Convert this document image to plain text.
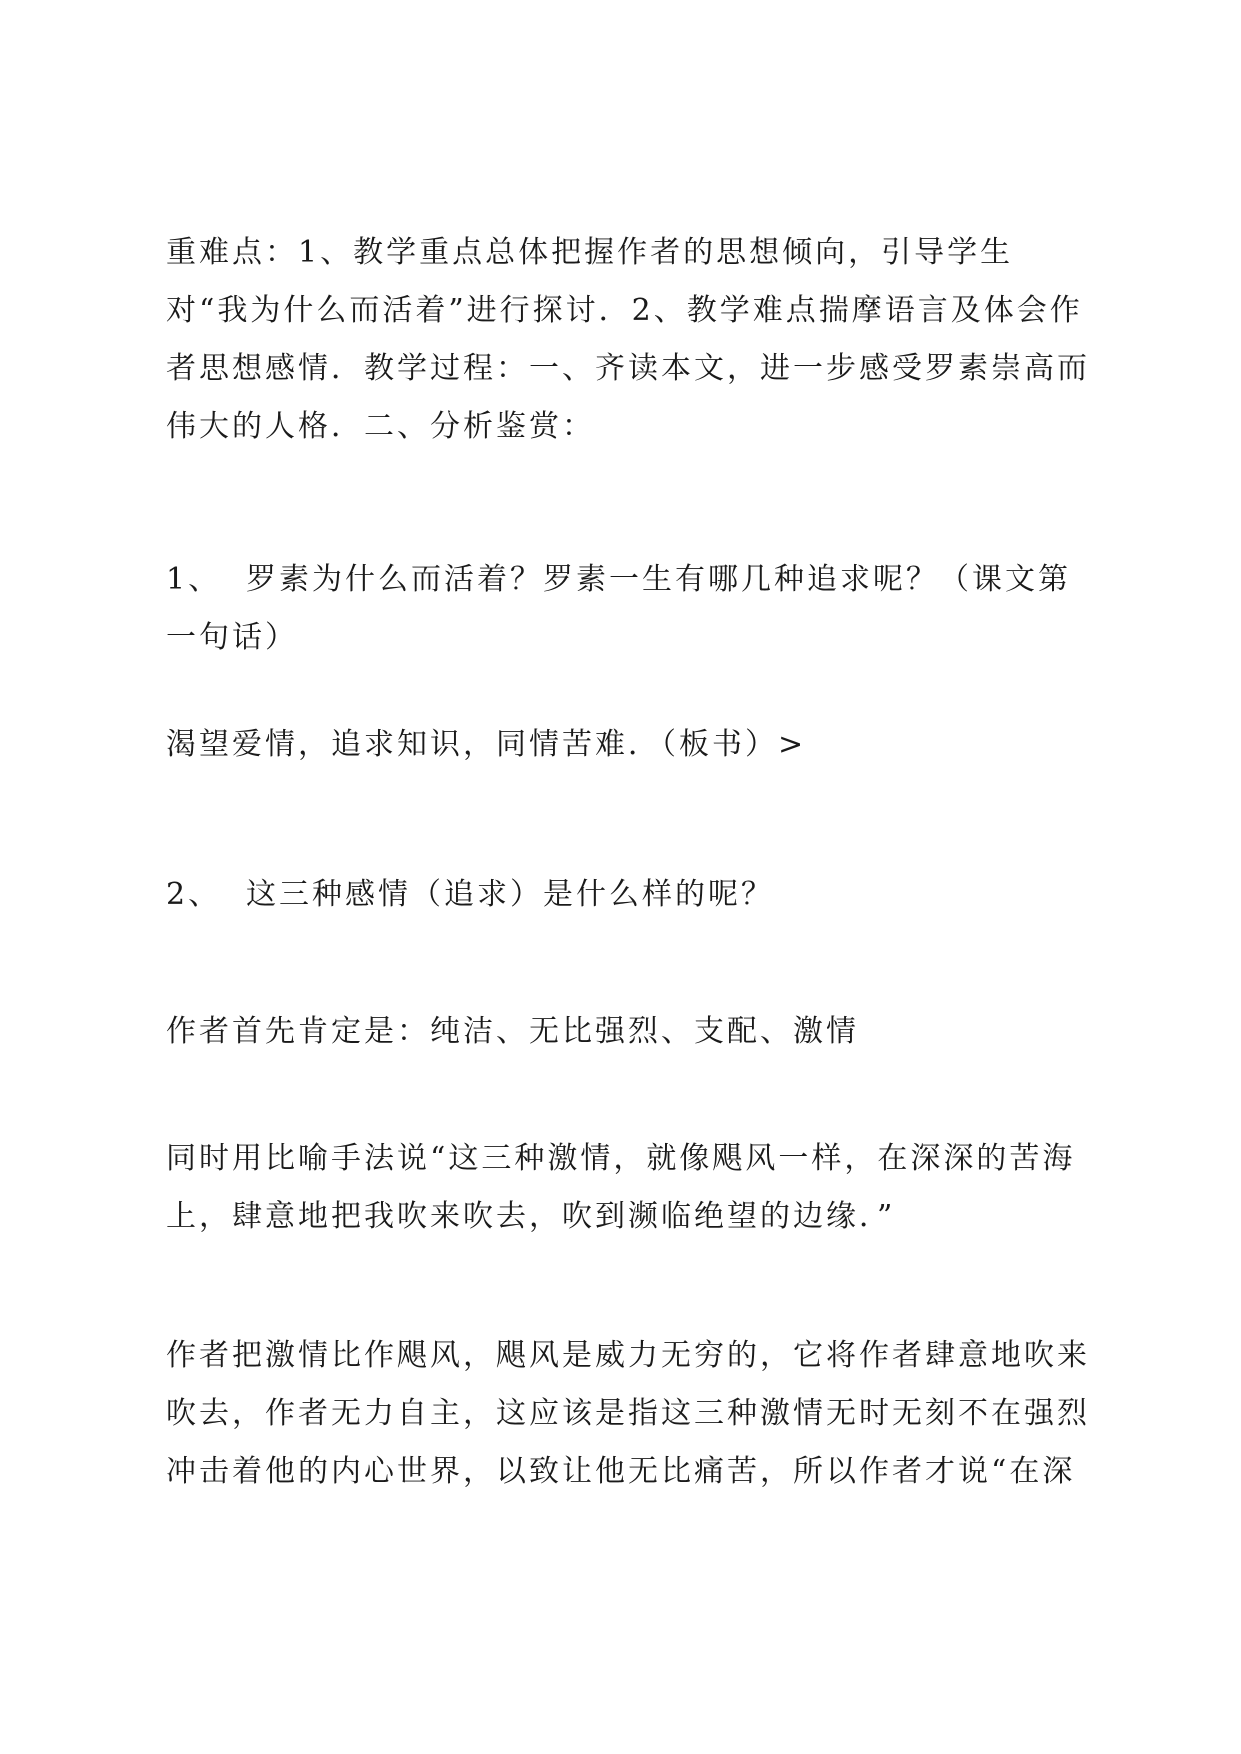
重难点：1、教学重点总体把握作者的思想倾向，引导学生对“我为什么而活着”进行探讨．2、教学难点揣摩语言及体会作者思想感情．教学过程：一、齐读本文，进一步感受罗素崇高而伟大的人格．二、分析鉴赏：

1、 罗素为什么而活着？罗素一生有哪几种追求呢？（课文第一句话）

渴望爱情，追求知识，同情苦难．（板书）>

2、 这三种感情（追求）是什么样的呢？

作者首先肯定是：纯洁、无比强烈、支配、激情

同时用比喻手法说“这三种激情，就像飓风一样，在深深的苦海上，肆意地把我吹来吹去，吹到濒临绝望的边缘．”

作者把激情比作飓风，飓风是威力无穷的，它将作者肆意地吹来吹去，作者无力自主，这应该是指这三种激情无时无刻不在强烈冲击着他的内心世界，以致让他无比痛苦，所以作者才说“在深
